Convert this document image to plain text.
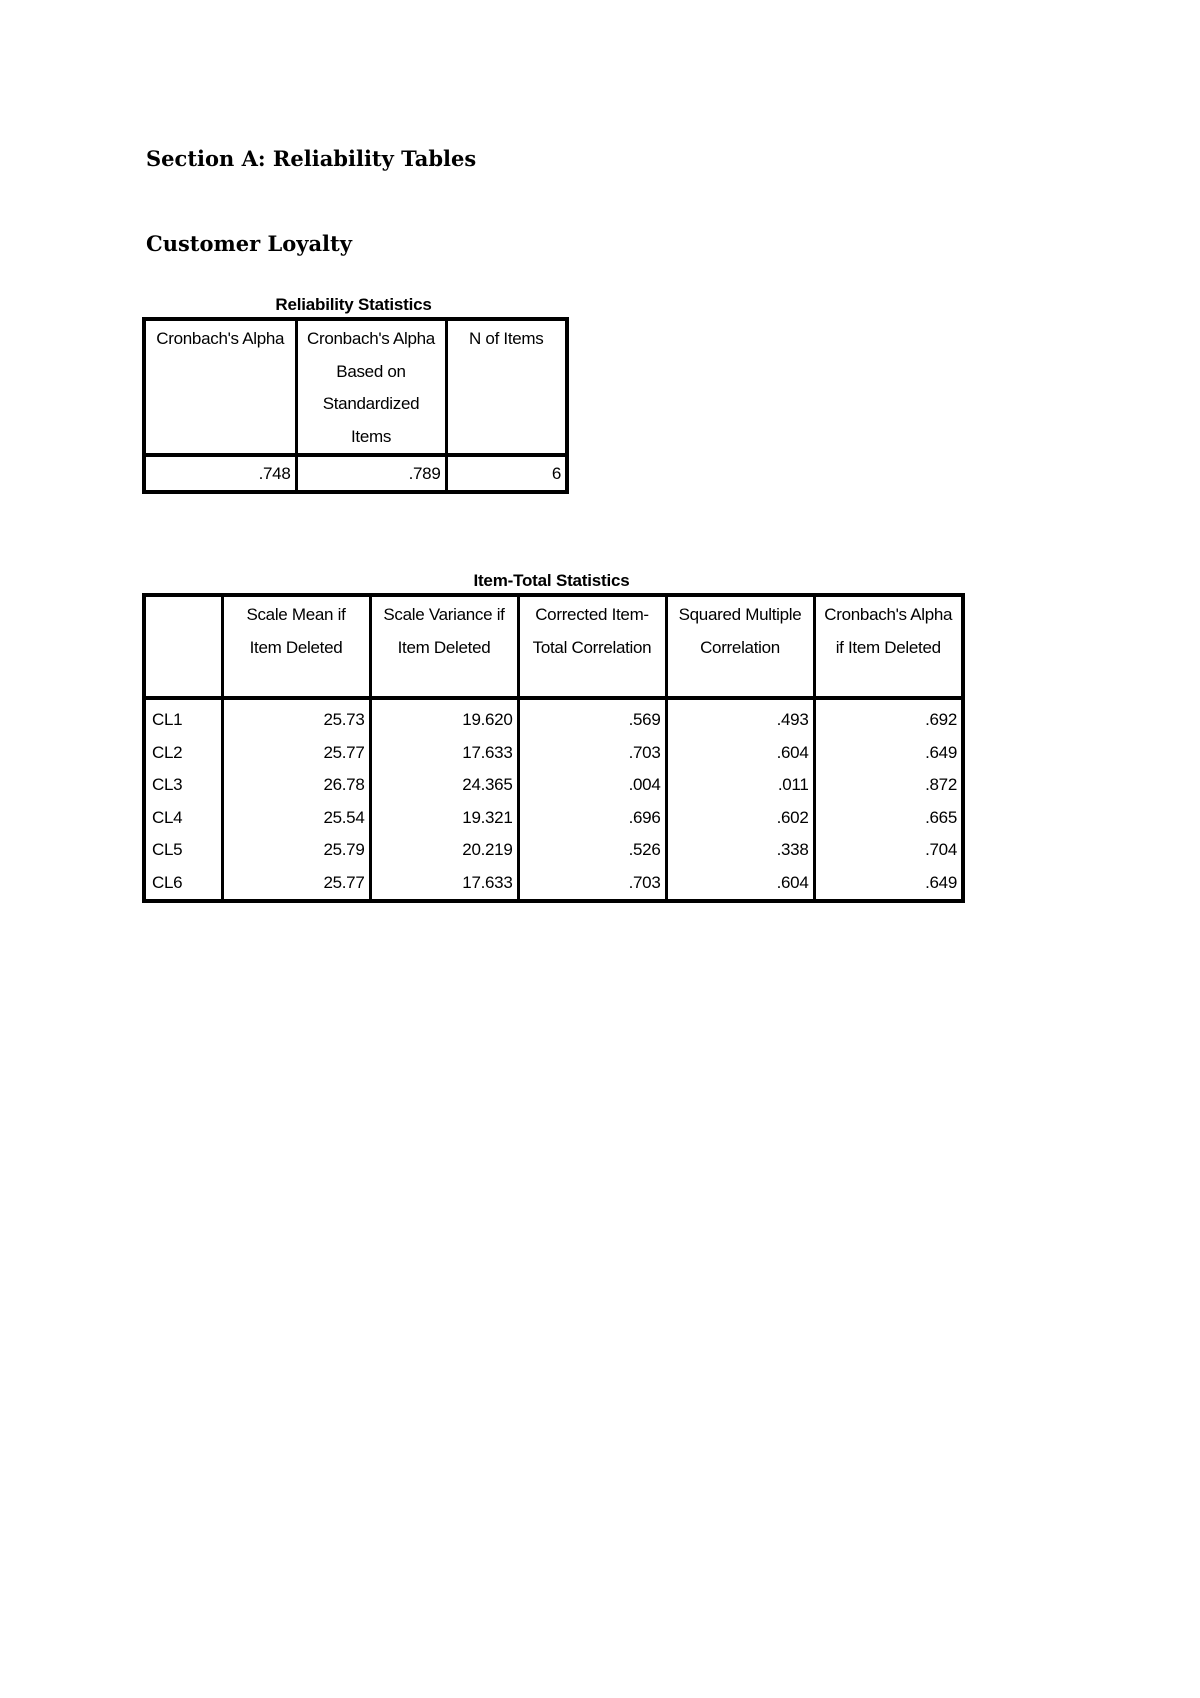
Section A: Reliability Tables
Customer Loyalty
Reliability Statistics
Cronbach's Alpha	Cronbach's Alpha Based on Standardized Items	N of Items
.748	.789	6
Item-Total Statistics
	Scale Mean if Item Deleted	Scale Variance if Item Deleted	Corrected Item-Total Correlation	Squared Multiple Correlation	Cronbach's Alpha if Item Deleted
CL1	25.73	19.620	.569	.493	.692
CL2	25.77	17.633	.703	.604	.649
CL3	26.78	24.365	.004	.011	.872
CL4	25.54	19.321	.696	.602	.665
CL5	25.79	20.219	.526	.338	.704
CL6	25.77	17.633	.703	.604	.649
